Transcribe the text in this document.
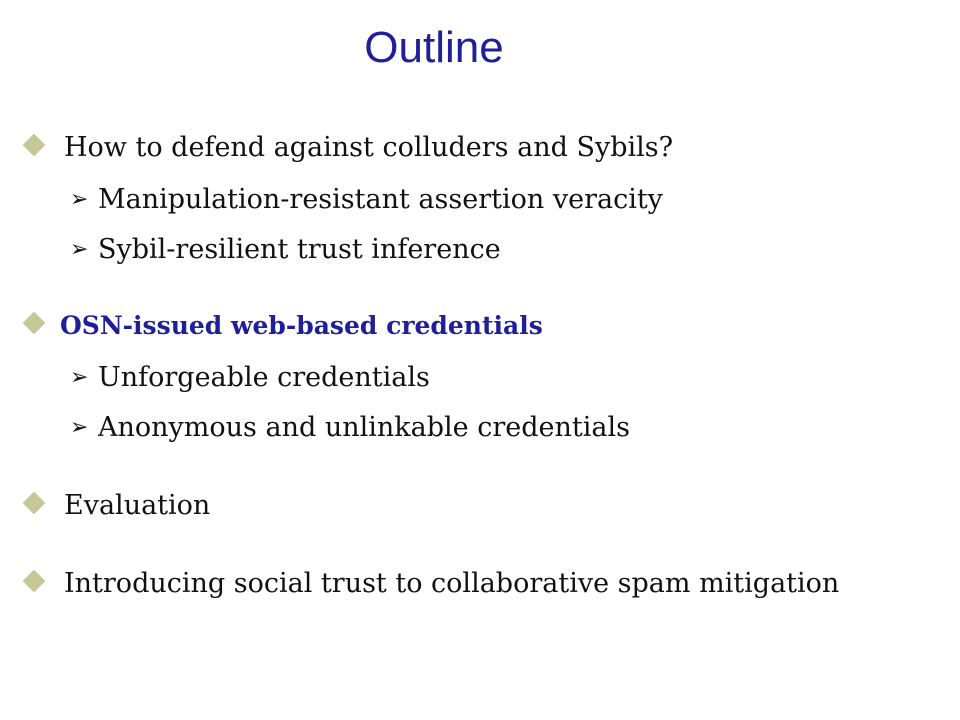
Outline
How to defend against colluders and Sybils?
➢ Manipulation-resistant assertion veracity
➢ Sybil-resilient trust inference
OSN-issued web-based credentials
➢ Unforgeable credentials
➢ Anonymous and unlinkable credentials
Evaluation
Introducing social trust to collaborative spam mitigation
